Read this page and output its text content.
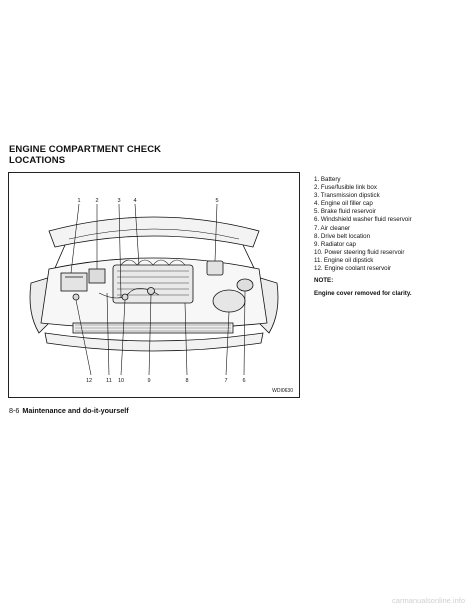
ENGINE COMPARTMENT CHECK
LOCATIONS
1	2	3 4	5
12	11 10	9	8	7	6
WDI0630
1. Battery
2. Fuse/fusible link box
3. Transmission dipstick
4. Engine oil filler cap
5. Brake fluid reservoir
6. Windshield washer fluid reservoir
7. Air cleaner
8. Drive belt location
9. Radiator cap
10. Power steering fluid reservoir
11. Engine oil dipstick
12. Engine coolant reservoir
NOTE:
Engine cover removed for clarity.
8-6 Maintenance and do-it-yourself
carmanualsonline.info
